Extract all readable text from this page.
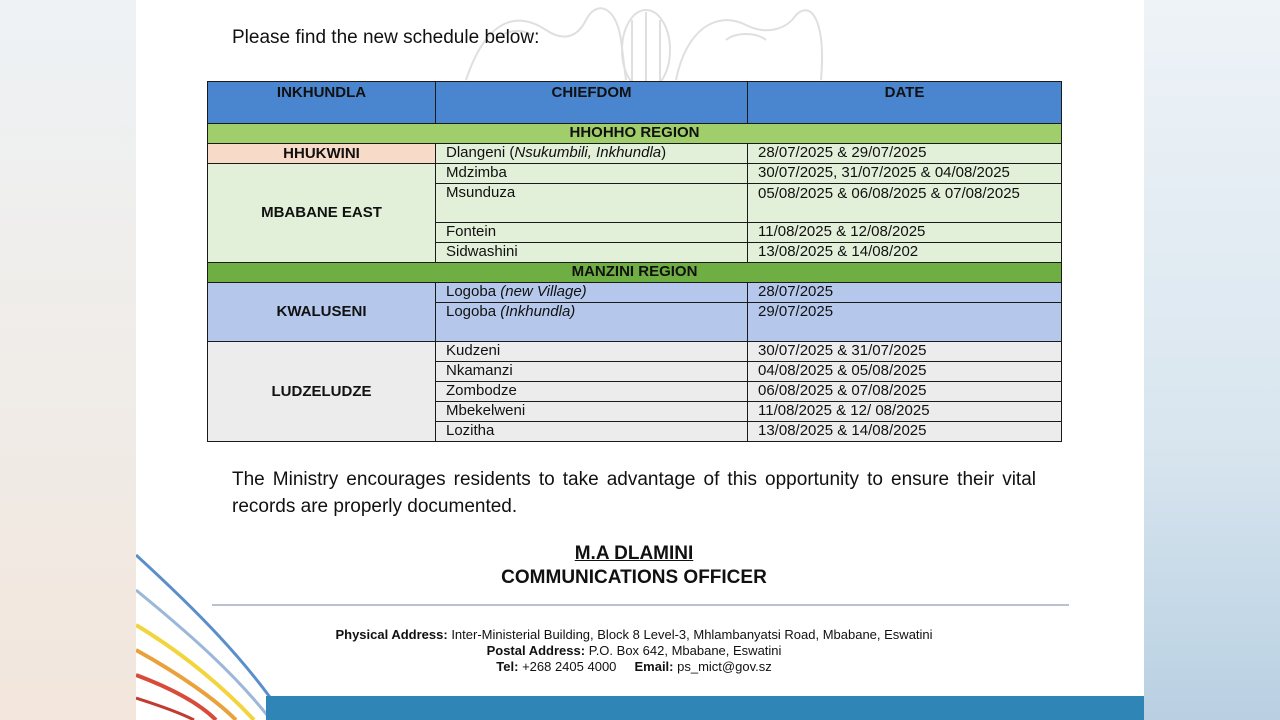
Please find the new schedule below:
INKHUNDLA	CHIEFDOM	DATE
HHOHHO REGION		
HHUKWINI	Dlangeni (Nsukumbili, Inkhundla)	28/07/2025 & 29/07/2025
MBABANE EAST	Mdzimba	30/07/2025, 31/07/2025 & 04/08/2025
	Msunduza	05/08/2025 & 06/08/2025 & 07/08/2025
	Fontein	11/08/2025 & 12/08/2025
	Sidwashini	13/08/2025 & 14/08/202
MANZINI REGION		
KWALUSENI	Logoba (new Village)	28/07/2025
	Logoba (Inkhundla)	29/07/2025
LUDZELUDZE	Kudzeni	30/07/2025 & 31/07/2025
	Nkamanzi	04/08/2025 & 05/08/2025
	Zombodze	06/08/2025 & 07/08/2025
	Mbekelweni	11/08/2025 & 12/ 08/2025
	Lozitha	13/08/2025 & 14/08/2025
The Ministry encourages residents to take advantage of this opportunity to ensure their vital records are properly documented.
M.A DLAMINI
COMMUNICATIONS OFFICER
Physical Address: Inter-Ministerial Building, Block 8 Level-3, Mhlambanyatsi Road, Mbabane, Eswatini
Postal Address: P.O. Box 642, Mbabane, Eswatini
Tel: +268 2405 4000 Email: ps_mict@gov.sz
